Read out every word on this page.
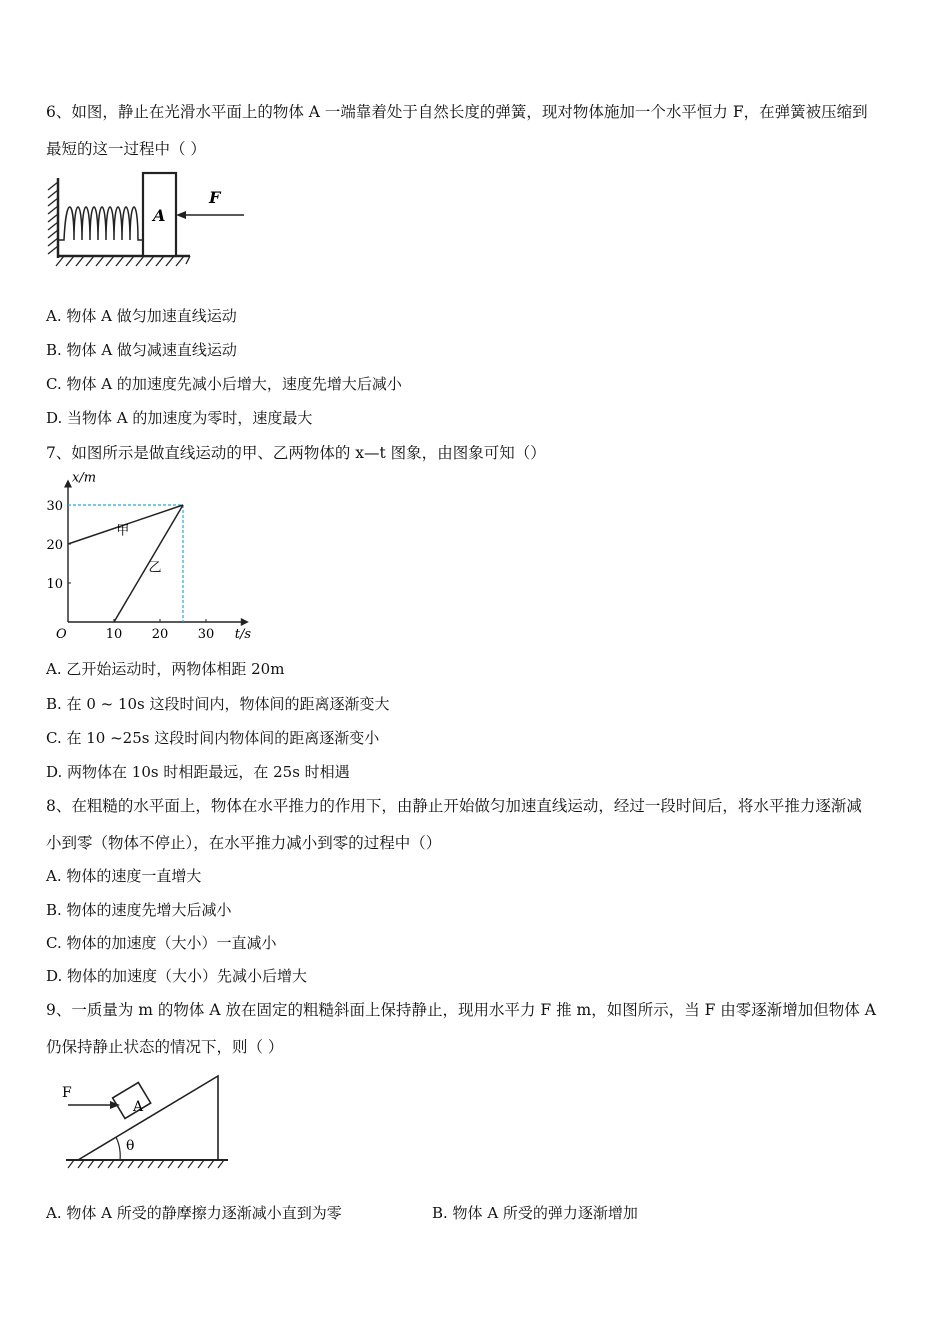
6、如图，静止在光滑水平面上的物体 A 一端靠着处于自然长度的弹簧，现对物体施加一个水平恒力 F，在弹簧被压缩到
最短的这一过程中（ ）
A
F
A. 物体 A 做匀加速直线运动
B. 物体 A 做匀减速直线运动
C. 物体 A 的加速度先减小后增大，速度先增大后减小
D. 当物体 A 的加速度为零时，速度最大
7、如图所示是做直线运动的甲、乙两物体的 x—t 图象，由图象可知（）
x/m
t/s
O	10 20 30
10
20
30
甲
乙
A. 乙开始运动时，两物体相距 20m
B. 在 0 ~ 10s 这段时间内，物体间的距离逐渐变大
C. 在 10 ~25s 这段时间内物体间的距离逐渐变小
D. 两物体在 10s 时相距最远，在 25s 时相遇
8、在粗糙的水平面上，物体在水平推力的作用下，由静止开始做匀加速直线运动，经过一段时间后，将水平推力逐渐减
小到零（物体不停止），在水平推力减小到零的过程中（）
A. 物体的速度一直增大
B. 物体的速度先增大后减小
C. 物体的加速度（大小）一直减小
D. 物体的加速度（大小）先减小后增大
9、一质量为 m 的物体 A 放在固定的粗糙斜面上保持静止，现用水平力 F 推 m，如图所示，当 F 由零逐渐增加但物体 A
仍保持静止状态的情况下，则（ ）
θ
A
F
A. 物体 A 所受的静摩擦力逐渐减小直到为零	B. 物体 A 所受的弹力逐渐增加
